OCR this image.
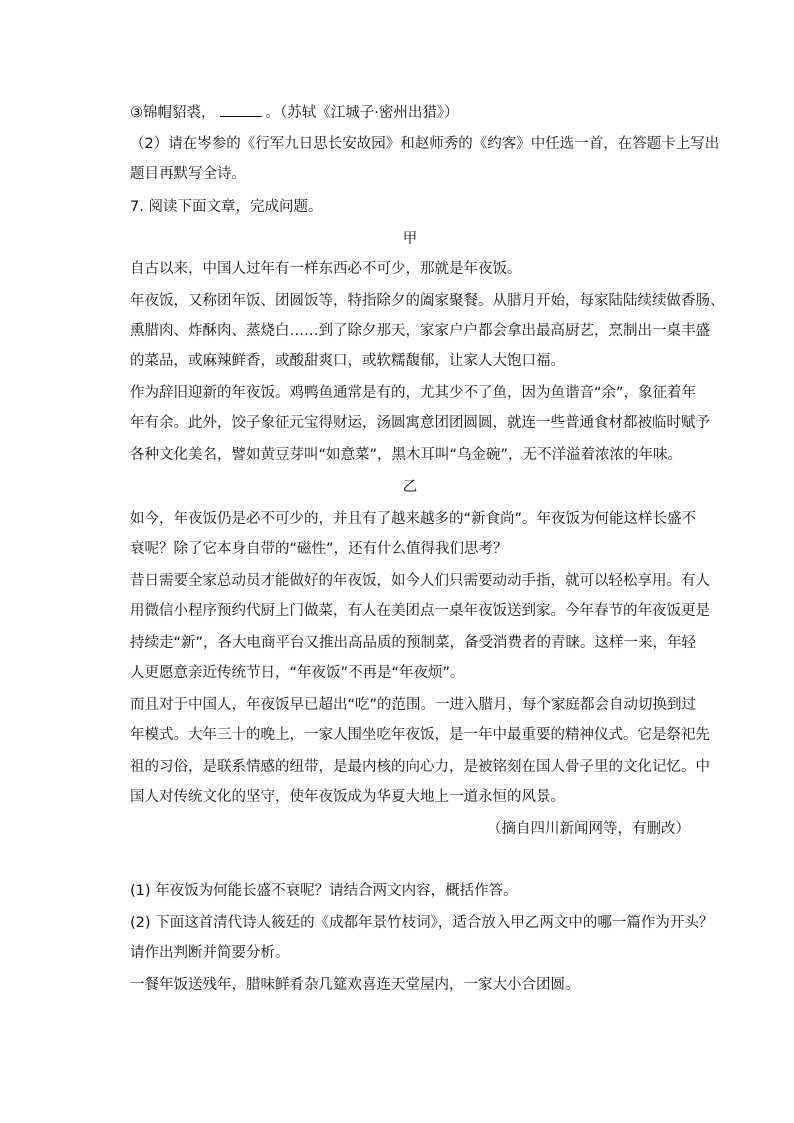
③锦帽貂裘，	。（苏轼《江城子·密州出猎》）
（2）请在岑参的《行军九日思长安故园》和赵师秀的《约客》中任选一首，在答题卡上写出
题目再默写全诗。
7. 阅读下面文章，完成问题。
甲
自古以来，中国人过年有一样东西必不可少，那就是年夜饭。
年夜饭，又称团年饭、团圆饭等，特指除夕的阖家聚餐。从腊月开始，每家陆陆续续做香肠、
熏腊肉、炸酥肉、蒸烧白……到了除夕那天，家家户户都会拿出最高厨艺，烹制出一桌丰盛
的菜品，或麻辣鲜香，或酸甜爽口，或软糯馥郁，让家人大饱口福。
作为辞旧迎新的年夜饭。鸡鸭鱼通常是有的，尤其少不了鱼，因为鱼谐音“余”，象征着年
年有余。此外，饺子象征元宝得财运，汤圆寓意团团圆圆，就连一些普通食材都被临时赋予
各种文化美名，譬如黄豆芽叫“如意菜”，黑木耳叫“乌金碗”，无不洋溢着浓浓的年味。
乙
如今，年夜饭仍是必不可少的，并且有了越来越多的“新食尚”。年夜饭为何能这样长盛不
衰呢？除了它本身自带的“磁性”，还有什么值得我们思考？
昔日需要全家总动员才能做好的年夜饭，如今人们只需要动动手指，就可以轻松享用。有人
用微信小程序预约代厨上门做菜，有人在美团点一桌年夜饭送到家。今年春节的年夜饭更是
持续走“新”，各大电商平台又推出高品质的预制菜，备受消费者的青睐。这样一来，年轻
人更愿意亲近传统节日，“年夜饭”不再是“年夜烦”。
而且对于中国人，年夜饭早已超出“吃”的范围。一进入腊月，每个家庭都会自动切换到过
年模式。大年三十的晚上，一家人围坐吃年夜饭，是一年中最重要的精神仪式。它是祭祀先
祖的习俗，是联系情感的纽带，是最内核的向心力，是被铭刻在国人骨子里的文化记忆。中
国人对传统文化的坚守，使年夜饭成为华夏大地上一道永恒的风景。
（摘自四川新闻网等，有删改）
(1) 年夜饭为何能长盛不衰呢？请结合两文内容，概括作答。
(2) 下面这首清代诗人筱廷的《成都年景竹枝词》，适合放入甲乙两文中的哪一篇作为开头？
请作出判断并简要分析。
一餐年饭送残年，腊味鲜肴杂几筵欢喜连天堂屋内，一家大小合团圆。
